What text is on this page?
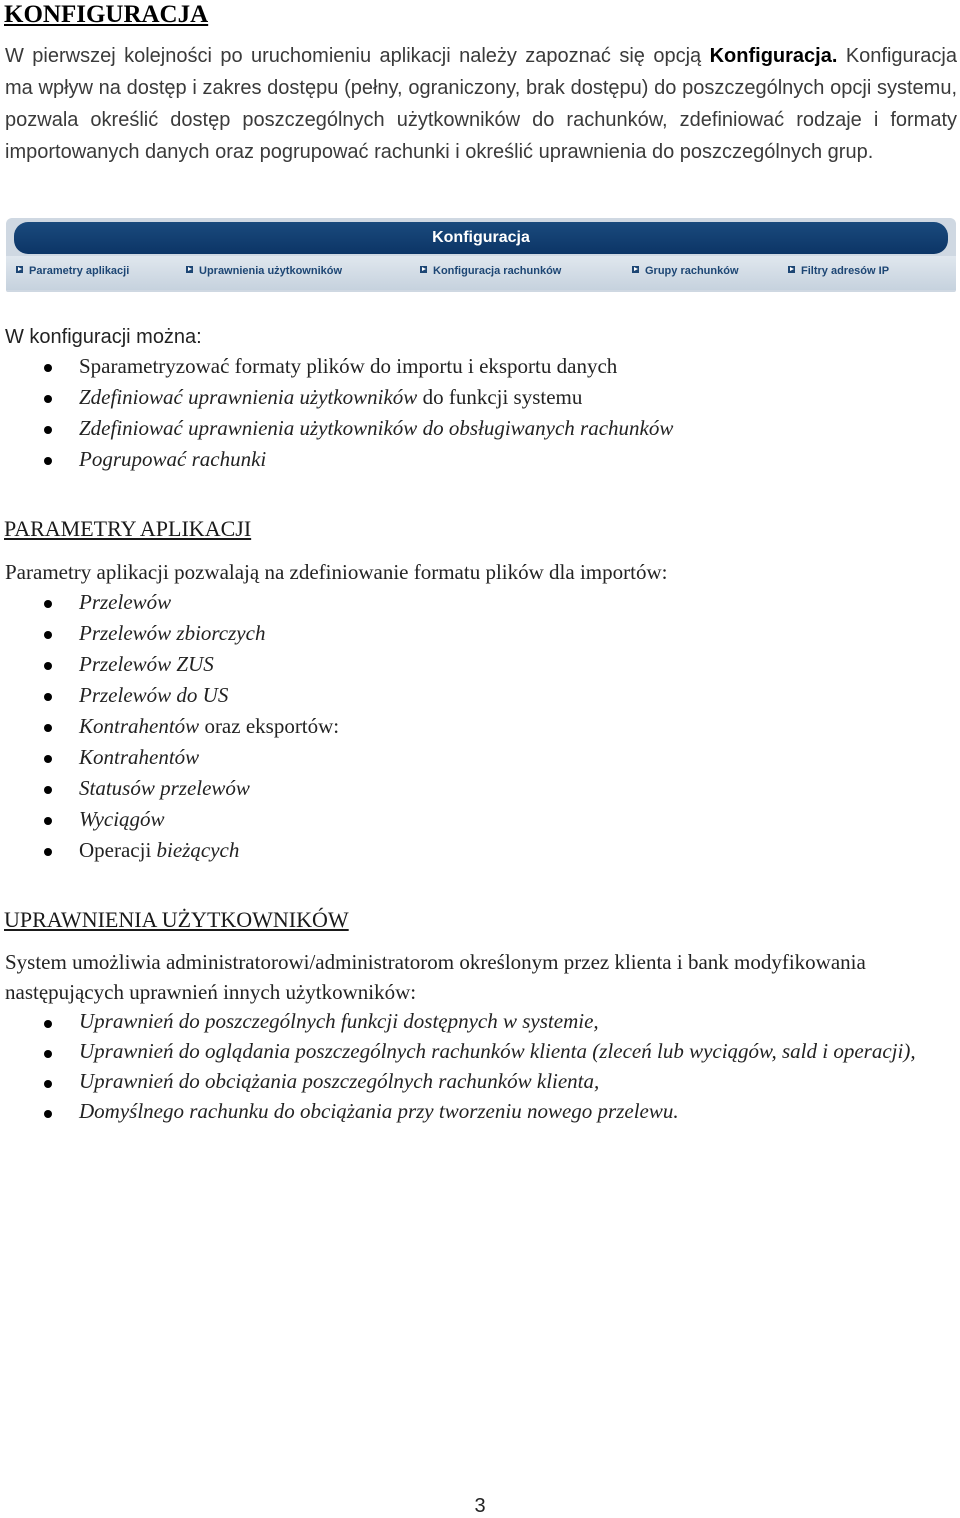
KONFIGURACJA
W pierwszej kolejności po uruchomieniu aplikacji należy zapoznać się opcją Konfiguracja. Konfiguracja ma wpływ na dostęp i zakres dostępu (pełny, ograniczony, brak dostępu) do poszczególnych opcji systemu, pozwala określić dostęp poszczególnych użytkowników do rachunków, zdefiniować rodzaje i formaty importowanych danych oraz pogrupować rachunki i określić uprawnienia do poszczególnych grup.
Konfiguracja
Parametry aplikacji	Uprawnienia użytkowników	Konfiguracja rachunków	Grupy rachunków	Filtry adresów IP
W konfiguracji można:
Sparametryzować formaty plików do importu i eksportu danych
Zdefiniować uprawnienia użytkowników do funkcji systemu
Zdefiniować uprawnienia użytkowników do obsługiwanych rachunków
Pogrupować rachunki
PARAMETRY APLIKACJI
Parametry aplikacji pozwalają na zdefiniowanie formatu plików dla importów:
Przelewów
Przelewów zbiorczych
Przelewów ZUS
Przelewów do US
Kontrahentów oraz eksportów:
Kontrahentów
Statusów przelewów
Wyciągów
Operacji bieżących
UPRAWNIENIA UŻYTKOWNIKÓW
System umożliwia administratorowi/administratorom określonym przez klienta i bank modyfikowania następujących uprawnień innych użytkowników:
Uprawnień do poszczególnych funkcji dostępnych w systemie,
Uprawnień do oglądania poszczególnych rachunków klienta (zleceń lub wyciągów, sald i operacji),
Uprawnień do obciążania poszczególnych rachunków klienta,
Domyślnego rachunku do obciążania przy tworzeniu nowego przelewu.
3
